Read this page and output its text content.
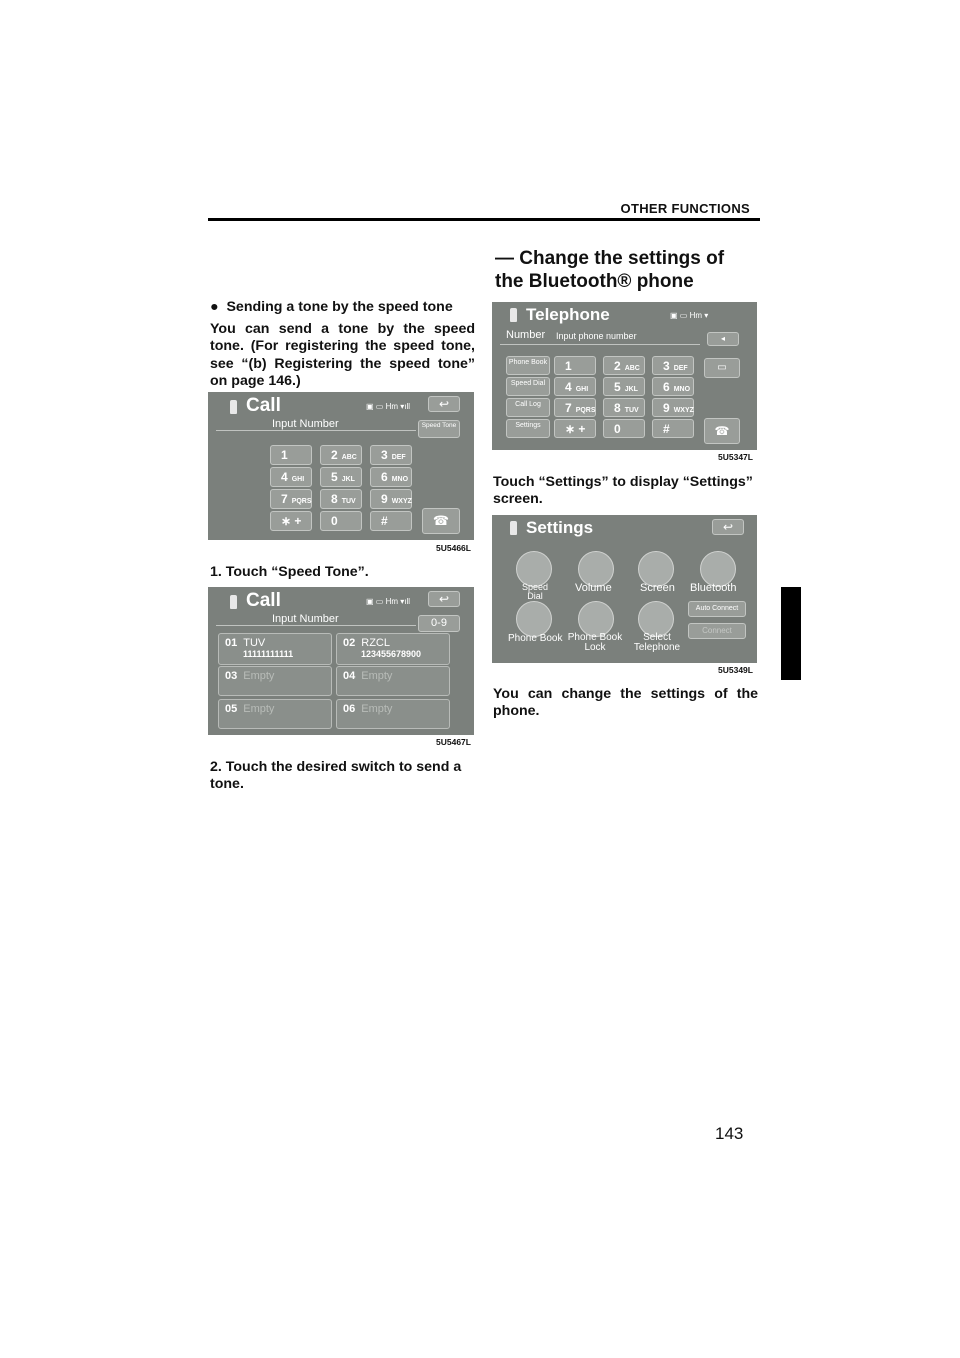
OTHER FUNCTIONS
● Sending a tone by the speed tone
You can send a tone by the speed tone. (For registering the speed tone, see “(b) Registering the speed tone” on page 146.)
Call	▣ ▭ Hm ▾ıll	↩
Input Number	Speed Tone
1	2 ABC	3 DEF
4 GHI	5 JKL	6 MNO
7 PQRS	8 TUV	9 WXYZ
∗ +	0	#	☎
5U5466L
1. Touch “Speed Tone”.
Call	▣ ▭ Hm ▾ıll	↩
Input Number	0-9
01 TUV
11111111111
02 RZCL
123455678900
03 Empty	04 Empty
05 Empty	06 Empty
5U5467L
2. Touch the desired switch to send a tone.
— Change the settings of the Bluetooth® phone
Telephone	▣ ▭ Hm ▾
Number Input phone number	◂
Phone Book
Speed Dial
Call Log
Settings
1	2 ABC	3 DEF
4 GHI	5 JKL	6 MNO
7 PQRS	8 TUV	9 WXYZ
∗ +	0	#
▭
☎
5U5347L
Touch “Settings” to display “Settings” screen.
Settings	↩
Speed Dial
Volume	Screen Bluetooth
Phone Book Phone Book Lock
Select Telephone
Auto Connect
Connect
5U5349L
You can change the settings of the phone.
143
